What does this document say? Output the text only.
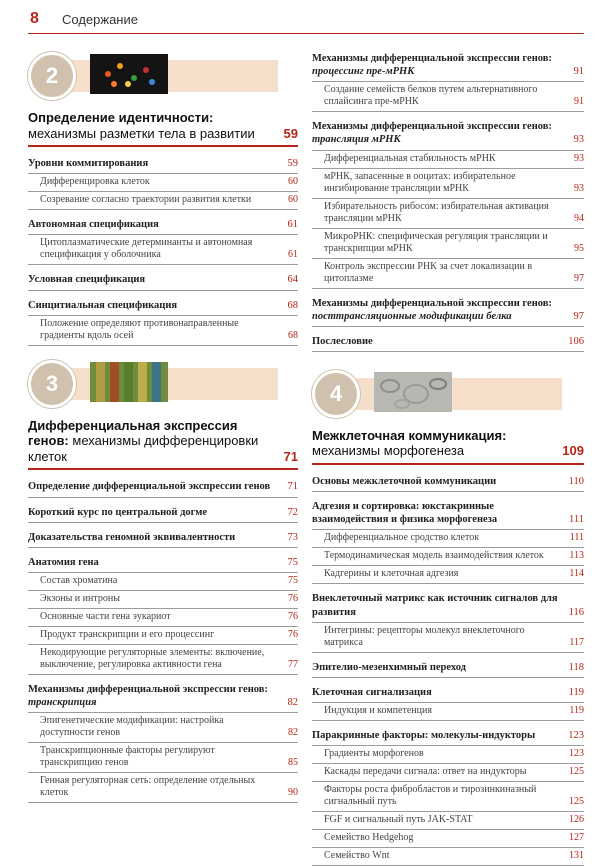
8 Содержание
2
Определение идентичности: механизмы разметки тела в развитии 59
Уровни коммитирования	59
Дифференцировка клеток	60
Созревание согласно траектории развития клетки	60
Автономная спецификация	61
Цитоплазматические детерминанты и автономная спецификация у оболочника	61
Условная спецификация	64
Синцитиальная спецификация	68
Положение определяют противонаправленные градиенты вдоль осей	68
3
Дифференциальная экспрессия генов: механизмы дифференцировки клеток	71
Определение дифференциальной экспрессии генов 71
Короткий курс по центральной догме	72
Доказательства геномной эквивалентности	73
Анатомия гена	75
Состав хроматина	75
Экзоны и интроны	76
Основные части гена эукариот	76
Продукт транскрипции и его процессинг	76
Некодирующие регуляторные элементы: включение, выключение, регулировка активности гена	77
Механизмы дифференциальной экспрессии генов: транскрипция	82
Эпигенетические модификации: настройка доступности генов	82
Транскрипционные факторы регулируют транскрипцию генов	85
Генная регуляторная сеть: определение отдельных клеток	90
Механизмы дифференциальной экспрессии генов: процессинг пре-мРНК	91
Создание семейств белков путем альтернативного сплайсинга пре-мРНК	91
Механизмы дифференциальной экспрессии генов: трансляция мРНК	93
Дифференциальная стабильность мРНК	93
мРНК, запасенные в ооцитах: избирательное ингибирование трансляции мРНК	93
Избирательность рибосом: избирательная активация трансляции мРНК	94
МикроРНК: специфическая регуляция трансляции и транскрипции мРНК	95
Контроль экспрессии РНК за счет локализации в цитоплазме	97
Механизмы дифференциальной экспрессии генов: посттрансляционные модификации белка	97
Послесловие	106
4
Межклеточная коммуникация: механизмы морфогенеза	109
Основы межклеточной коммуникации	110
Адгезия и сортировка: юкстакринные взаимодействия и физика морфогенеза	111
Дифференциальное сродство клеток	111
Термодинамическая модель взаимодействия клеток	113
Кадгерины и клеточная адгезия	114
Внеклеточный матрикс как источник сигналов для развития	116
Интегрины: рецепторы молекул внеклеточного матрикса	117
Эпителио-мезенхимный переход	118
Клеточная сигнализация	119
Индукция и компетенция	119
Паракринные факторы: молекулы-индукторы	123
Градиенты морфогенов	123
Каскады передачи сигнала: ответ на индукторы	125
Факторы роста фибробластов и тирозинкиназный сигнальный путь	125
FGF и сигнальный путь JAK-STAT	126
Семейство Hedgehog	127
Семейство Wnt	131
